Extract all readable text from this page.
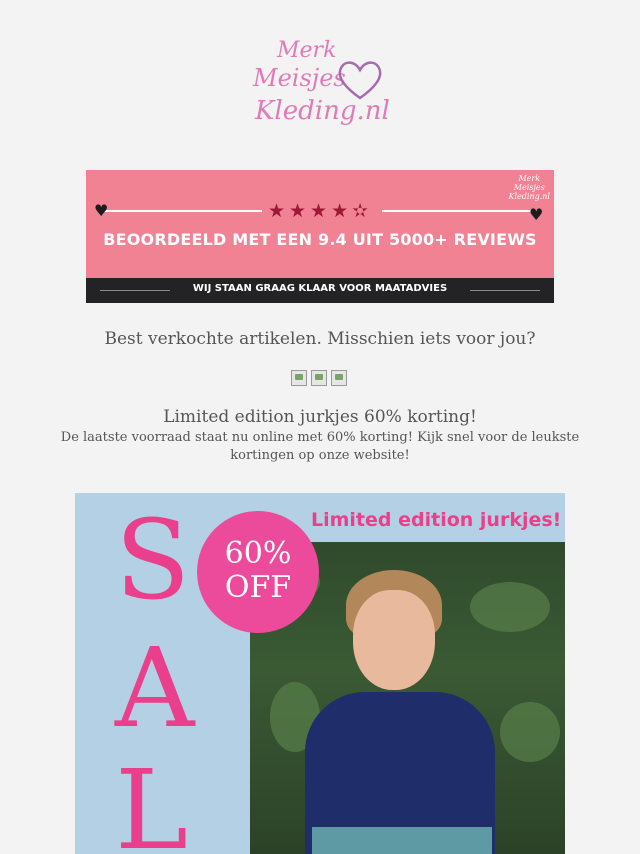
Merk
Meisjes
Kleding.nl
♥	♥
★★★★✫
BEOORDEELD MET EEN 9.4 UIT 5000+ REVIEWS
Merk
Meisjes
Kleding.nl
WIJ STAAN GRAAG KLAAR VOOR MAATADVIES
Best verkochte artikelen. Misschien iets voor jou?
Limited edition jurkjes 60% korting!
De laatste voorraad staat nu online met 60% korting! Kijk snel voor de leukste kortingen op onze website!
S
A
L
Limited edition jurkjes!
60%
OFF
